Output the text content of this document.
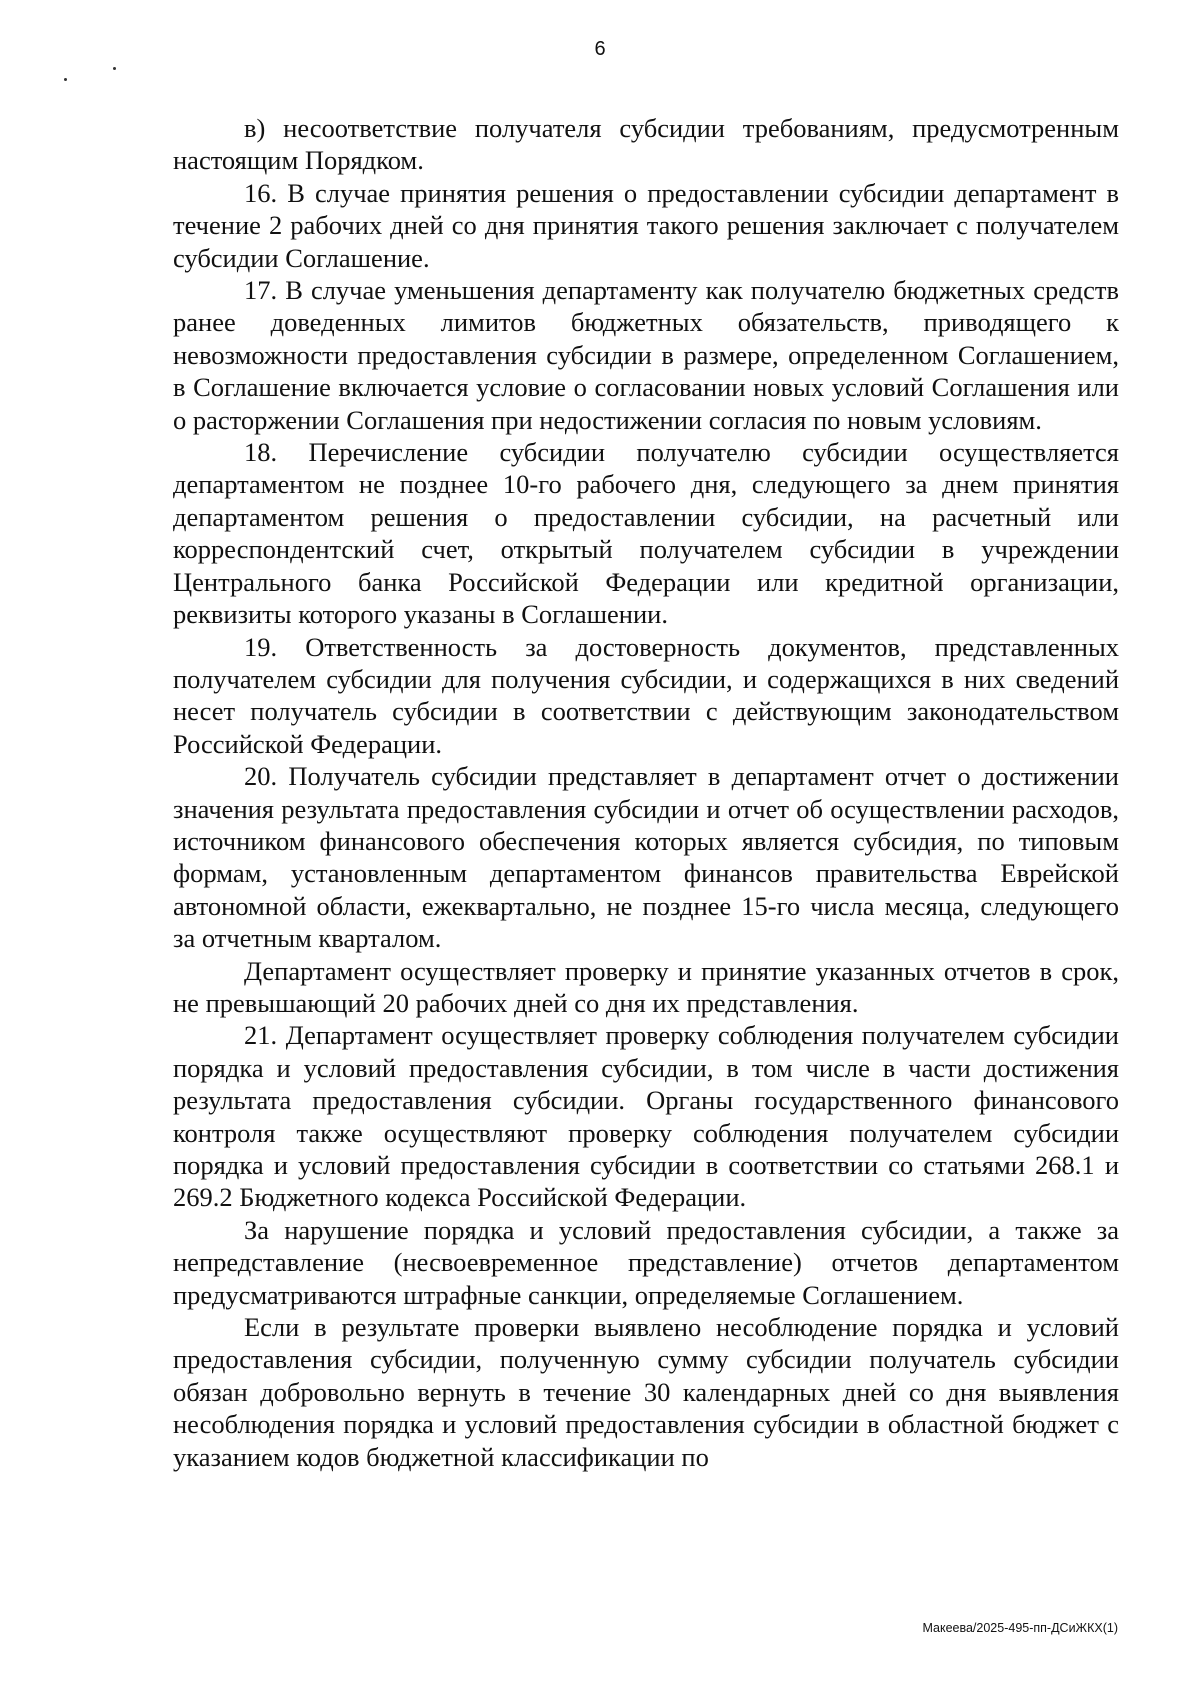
6

в) несоответствие получателя субсидии требованиям, предусмотренным настоящим Порядком.

16. В случае принятия решения о предоставлении субсидии департамент в течение 2 рабочих дней со дня принятия такого решения заключает с получателем субсидии Соглашение.

17. В случае уменьшения департаменту как получателю бюджетных средств ранее доведенных лимитов бюджетных обязательств, приводящего к невозможности предоставления субсидии в размере, определенном Соглашением, в Соглашение включается условие о согласовании новых условий Соглашения или о расторжении Соглашения при недостижении согласия по новым условиям.

18. Перечисление субсидии получателю субсидии осуществляется департаментом не позднее 10-го рабочего дня, следующего за днем принятия департаментом решения о предоставлении субсидии, на расчетный или корреспондентский счет, открытый получателем субсидии в учреждении Центрального банка Российской Федерации или кредитной организации, реквизиты которого указаны в Соглашении.

19. Ответственность за достоверность документов, представленных получателем субсидии для получения субсидии, и содержащихся в них сведений несет получатель субсидии в соответствии с действующим законодательством Российской Федерации.

20. Получатель субсидии представляет в департамент отчет о достижении значения результата предоставления субсидии и отчет об осуществлении расходов, источником финансового обеспечения которых является субсидия, по типовым формам, установленным департаментом финансов правительства Еврейской автономной области, ежеквартально, не позднее 15-го числа месяца, следующего за отчетным кварталом.

Департамент осуществляет проверку и принятие указанных отчетов в срок, не превышающий 20 рабочих дней со дня их представления.

21. Департамент осуществляет проверку соблюдения получателем субсидии порядка и условий предоставления субсидии, в том числе в части достижения результата предоставления субсидии. Органы государственного финансового контроля также осуществляют проверку соблюдения получателем субсидии порядка и условий предоставления субсидии в соответствии со статьями 268.1 и 269.2 Бюджетного кодекса Российской Федерации.

За нарушение порядка и условий предоставления субсидии, а также за непредставление (несвоевременное представление) отчетов департаментом предусматриваются штрафные санкции, определяемые Соглашением.

Если в результате проверки выявлено несоблюдение порядка и условий предоставления субсидии, полученную сумму субсидии получатель субсидии обязан добровольно вернуть в течение 30 календарных дней со дня выявления несоблюдения порядка и условий предоставления субсидии в областной бюджет с указанием кодов бюджетной классификации по

Макеева/2025-495-пп-ДСиЖКХ(1)
